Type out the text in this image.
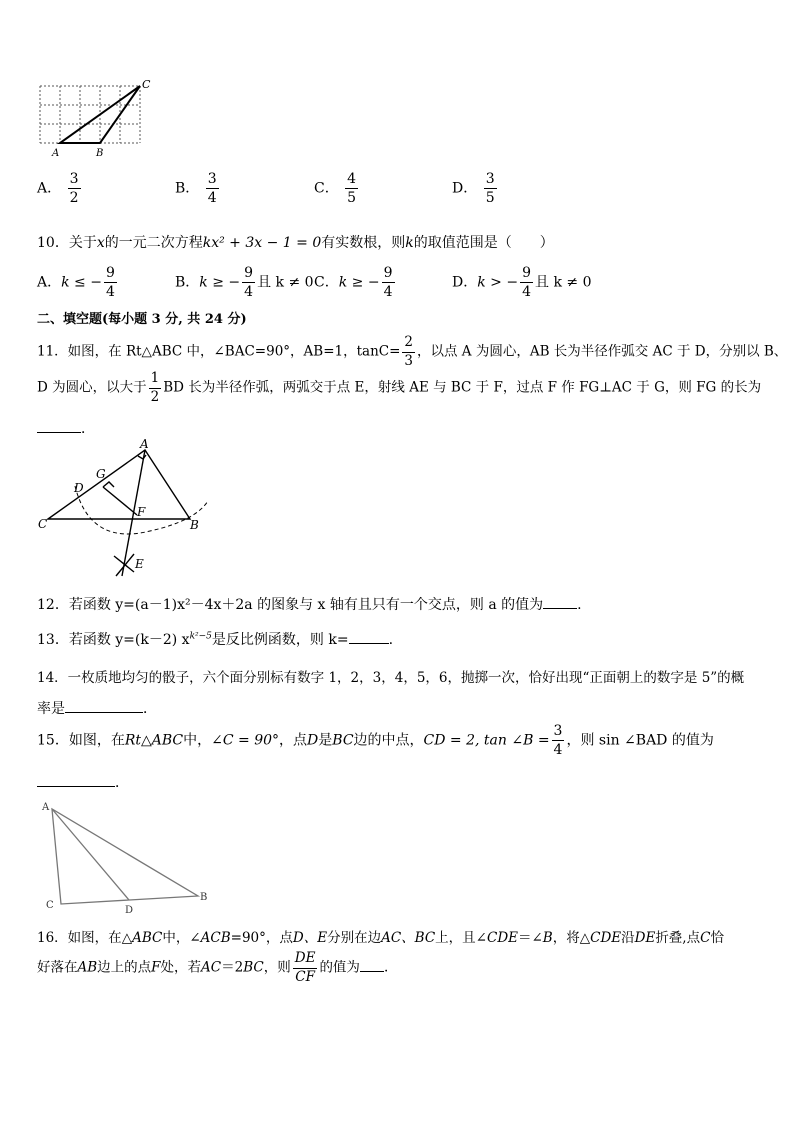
A	B
C
A． $\frac{3}{2}$	B． $\frac{3}{4}$	C． $\frac{4}{5}$	D． $\frac{3}{5}$
10．关于x的一元二次方程kx² + 3x − 1 = 0有实数根，则k的取值范围是（　　）
A．k ≤ − $\frac{9}{4}$	B．k ≥ − $\frac{9}{4}$ 且 k ≠ 0 C．k ≥ − $\frac{9}{4}$	D．k > − $\frac{9}{4}$ 且 k ≠ 0
二、填空题(每小题 3 分, 共 24 分)
11．如图，在 Rt△ABC 中，∠BAC=90°，AB=1，$\tan C= \frac{2}{3}$ ，以点 A 为圆心，AB 长为半径作弧交 AC 于 D，分别以 B、
D 为圆心，以大于 $\frac{1}{2}$ BD 长为半径作弧，两弧交于点 E，射线 AE 与 BC 于 F，过点 F 作 FG⊥AC 于 G，则 FG 的长为
．
A
G
D
C
F
B
E
12．若函数 y=(a－1)x²－4x＋2a 的图象与 x 轴有且只有一个交点，则 a 的值为 .
13．若函数 y=(k－2) $x^{k^2-5}$是反比例函数，则 k=	.
14．一枚质地均匀的骰子，六个面分别标有数字 1，2，3，4，5，6，抛掷一次，恰好出现“正面朝上的数字是 5”的概
率是	．
15．如图，在Rt△ABC中，∠C = 90°，点D是BC边的中点，CD = 2, tan ∠B = $\frac{3}{4}$ ，则 sin ∠BAD 的值为
．
A
C	D
B
16．如图，在△ABC中，∠ACB=90°，点D、E分别在边AC、BC上，且∠CDE＝∠B，将△CDE沿DE折叠,点C恰
好落在AB边上的点F处，若AC＝2BC，则 $\frac{DE}{CF}$ 的值为 .
